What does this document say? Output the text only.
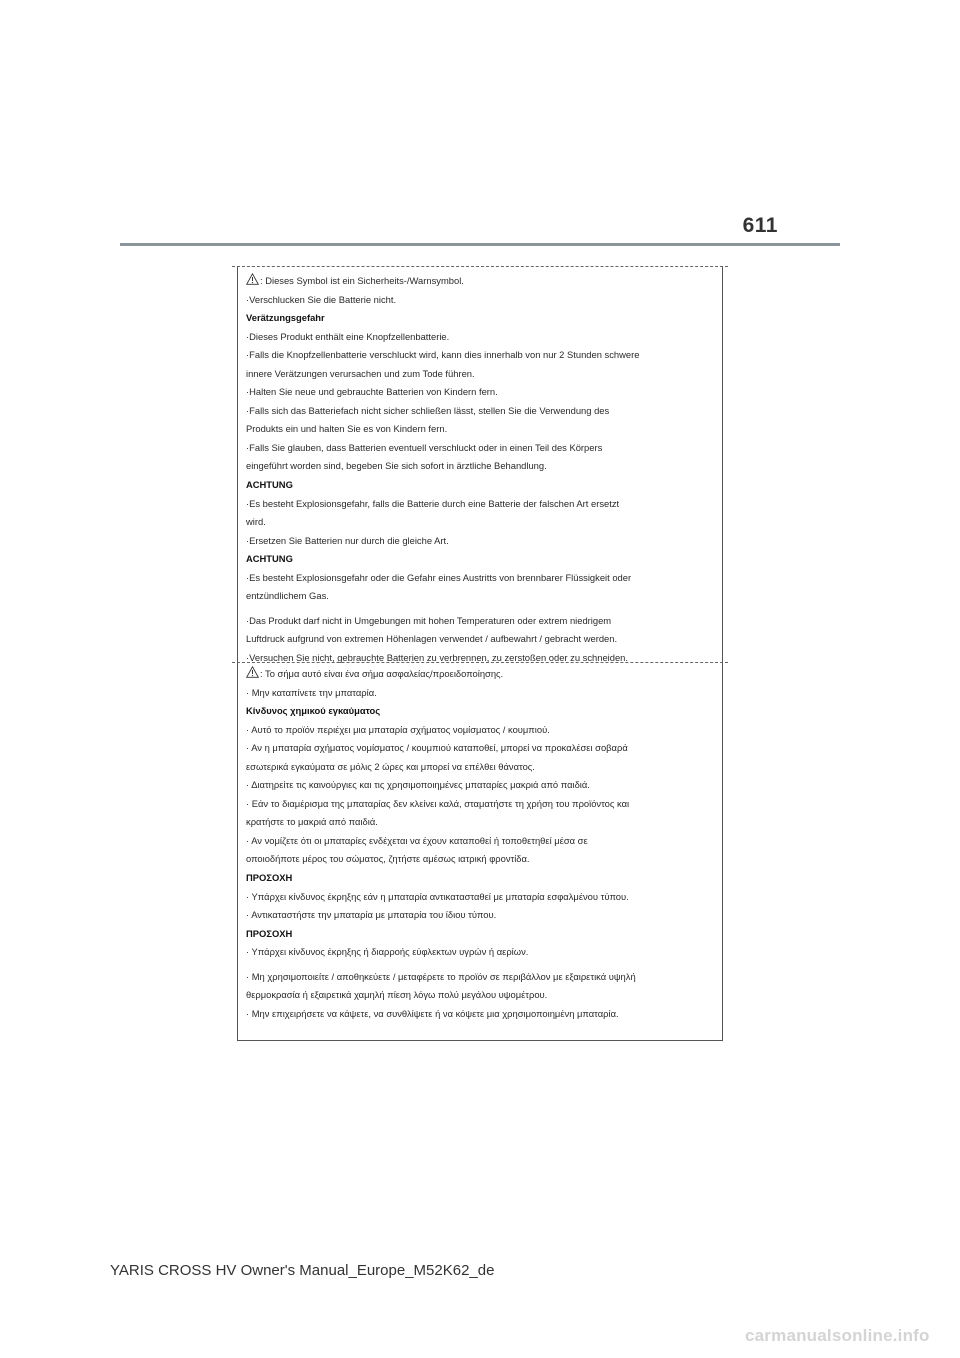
611
: Dieses Symbol ist ein Sicherheits-/Warnsymbol.
·Verschlucken Sie die Batterie nicht.
Verätzungsgefahr
·Dieses Produkt enthält eine Knopfzellenbatterie.
·Falls die Knopfzellenbatterie verschluckt wird, kann dies innerhalb von nur 2 Stunden schwere
innere Verätzungen verursachen und zum Tode führen.
·Halten Sie neue und gebrauchte Batterien von Kindern fern.
·Falls sich das Batteriefach nicht sicher schließen lässt, stellen Sie die Verwendung des
Produkts ein und halten Sie es von Kindern fern.
·Falls Sie glauben, dass Batterien eventuell verschluckt oder in einen Teil des Körpers
eingeführt worden sind, begeben Sie sich sofort in ärztliche Behandlung.
ACHTUNG
·Es besteht Explosionsgefahr, falls die Batterie durch eine Batterie der falschen Art ersetzt
wird.
·Ersetzen Sie Batterien nur durch die gleiche Art.
ACHTUNG
·Es besteht Explosionsgefahr oder die Gefahr eines Austritts von brennbarer Flüssigkeit oder
entzündlichem Gas.
·Das Produkt darf nicht in Umgebungen mit hohen Temperaturen oder extrem niedrigem
Luftdruck aufgrund von extremen Höhenlagen verwendet / aufbewahrt / gebracht werden.
·Versuchen Sie nicht, gebrauchte Batterien zu verbrennen, zu zerstoßen oder zu schneiden.
: Το σήμα αυτό είναι ένα σήμα ασφαλείας/προειδοποίησης.
· Μην καταπίνετε την μπαταρία.
Κίνδυνος χημικού εγκαύματος
· Αυτό το προϊόν περιέχει μια μπαταρία σχήματος νομίσματος / κουμπιού.
· Αν η μπαταρία σχήματος νομίσματος / κουμπιού καταποθεί, μπορεί να προκαλέσει σοβαρά
εσωτερικά εγκαύματα σε μόλις 2 ώρες και μπορεί να επέλθει θάνατος.
· Διατηρείτε τις καινούργιες και τις χρησιμοποιημένες μπαταρίες μακριά από παιδιά.
· Εάν το διαμέρισμα της μπαταρίας δεν κλείνει καλά, σταματήστε τη χρήση του προϊόντος και
κρατήστε το μακριά από παιδιά.
· Αν νομίζετε ότι οι μπαταρίες ενδέχεται να έχουν καταποθεί ή τοποθετηθεί μέσα σε
οποιοδήποτε μέρος του σώματος, ζητήστε αμέσως ιατρική φροντίδα.
ΠΡΟΣΟΧΗ
· Υπάρχει κίνδυνος έκρηξης εάν η μπαταρία αντικατασταθεί με μπαταρία εσφαλμένου τύπου.
· Αντικαταστήστε την μπαταρία με μπαταρία του ίδιου τύπου.
ΠΡΟΣΟΧΗ
· Υπάρχει κίνδυνος έκρηξης ή διαρροής εύφλεκτων υγρών ή αερίων.
· Μη χρησιμοποιείτε / αποθηκεύετε / μεταφέρετε το προϊόν σε περιβάλλον με εξαιρετικά υψηλή
θερμοκρασία ή εξαιρετικά χαμηλή πίεση λόγω πολύ μεγάλου υψομέτρου.
· Μην επιχειρήσετε να κάψετε, να συνθλίψετε ή να κόψετε μια χρησιμοποιημένη μπαταρία.
YARIS CROSS HV Owner's Manual_Europe_M52K62_de
carmanualsonline.info
